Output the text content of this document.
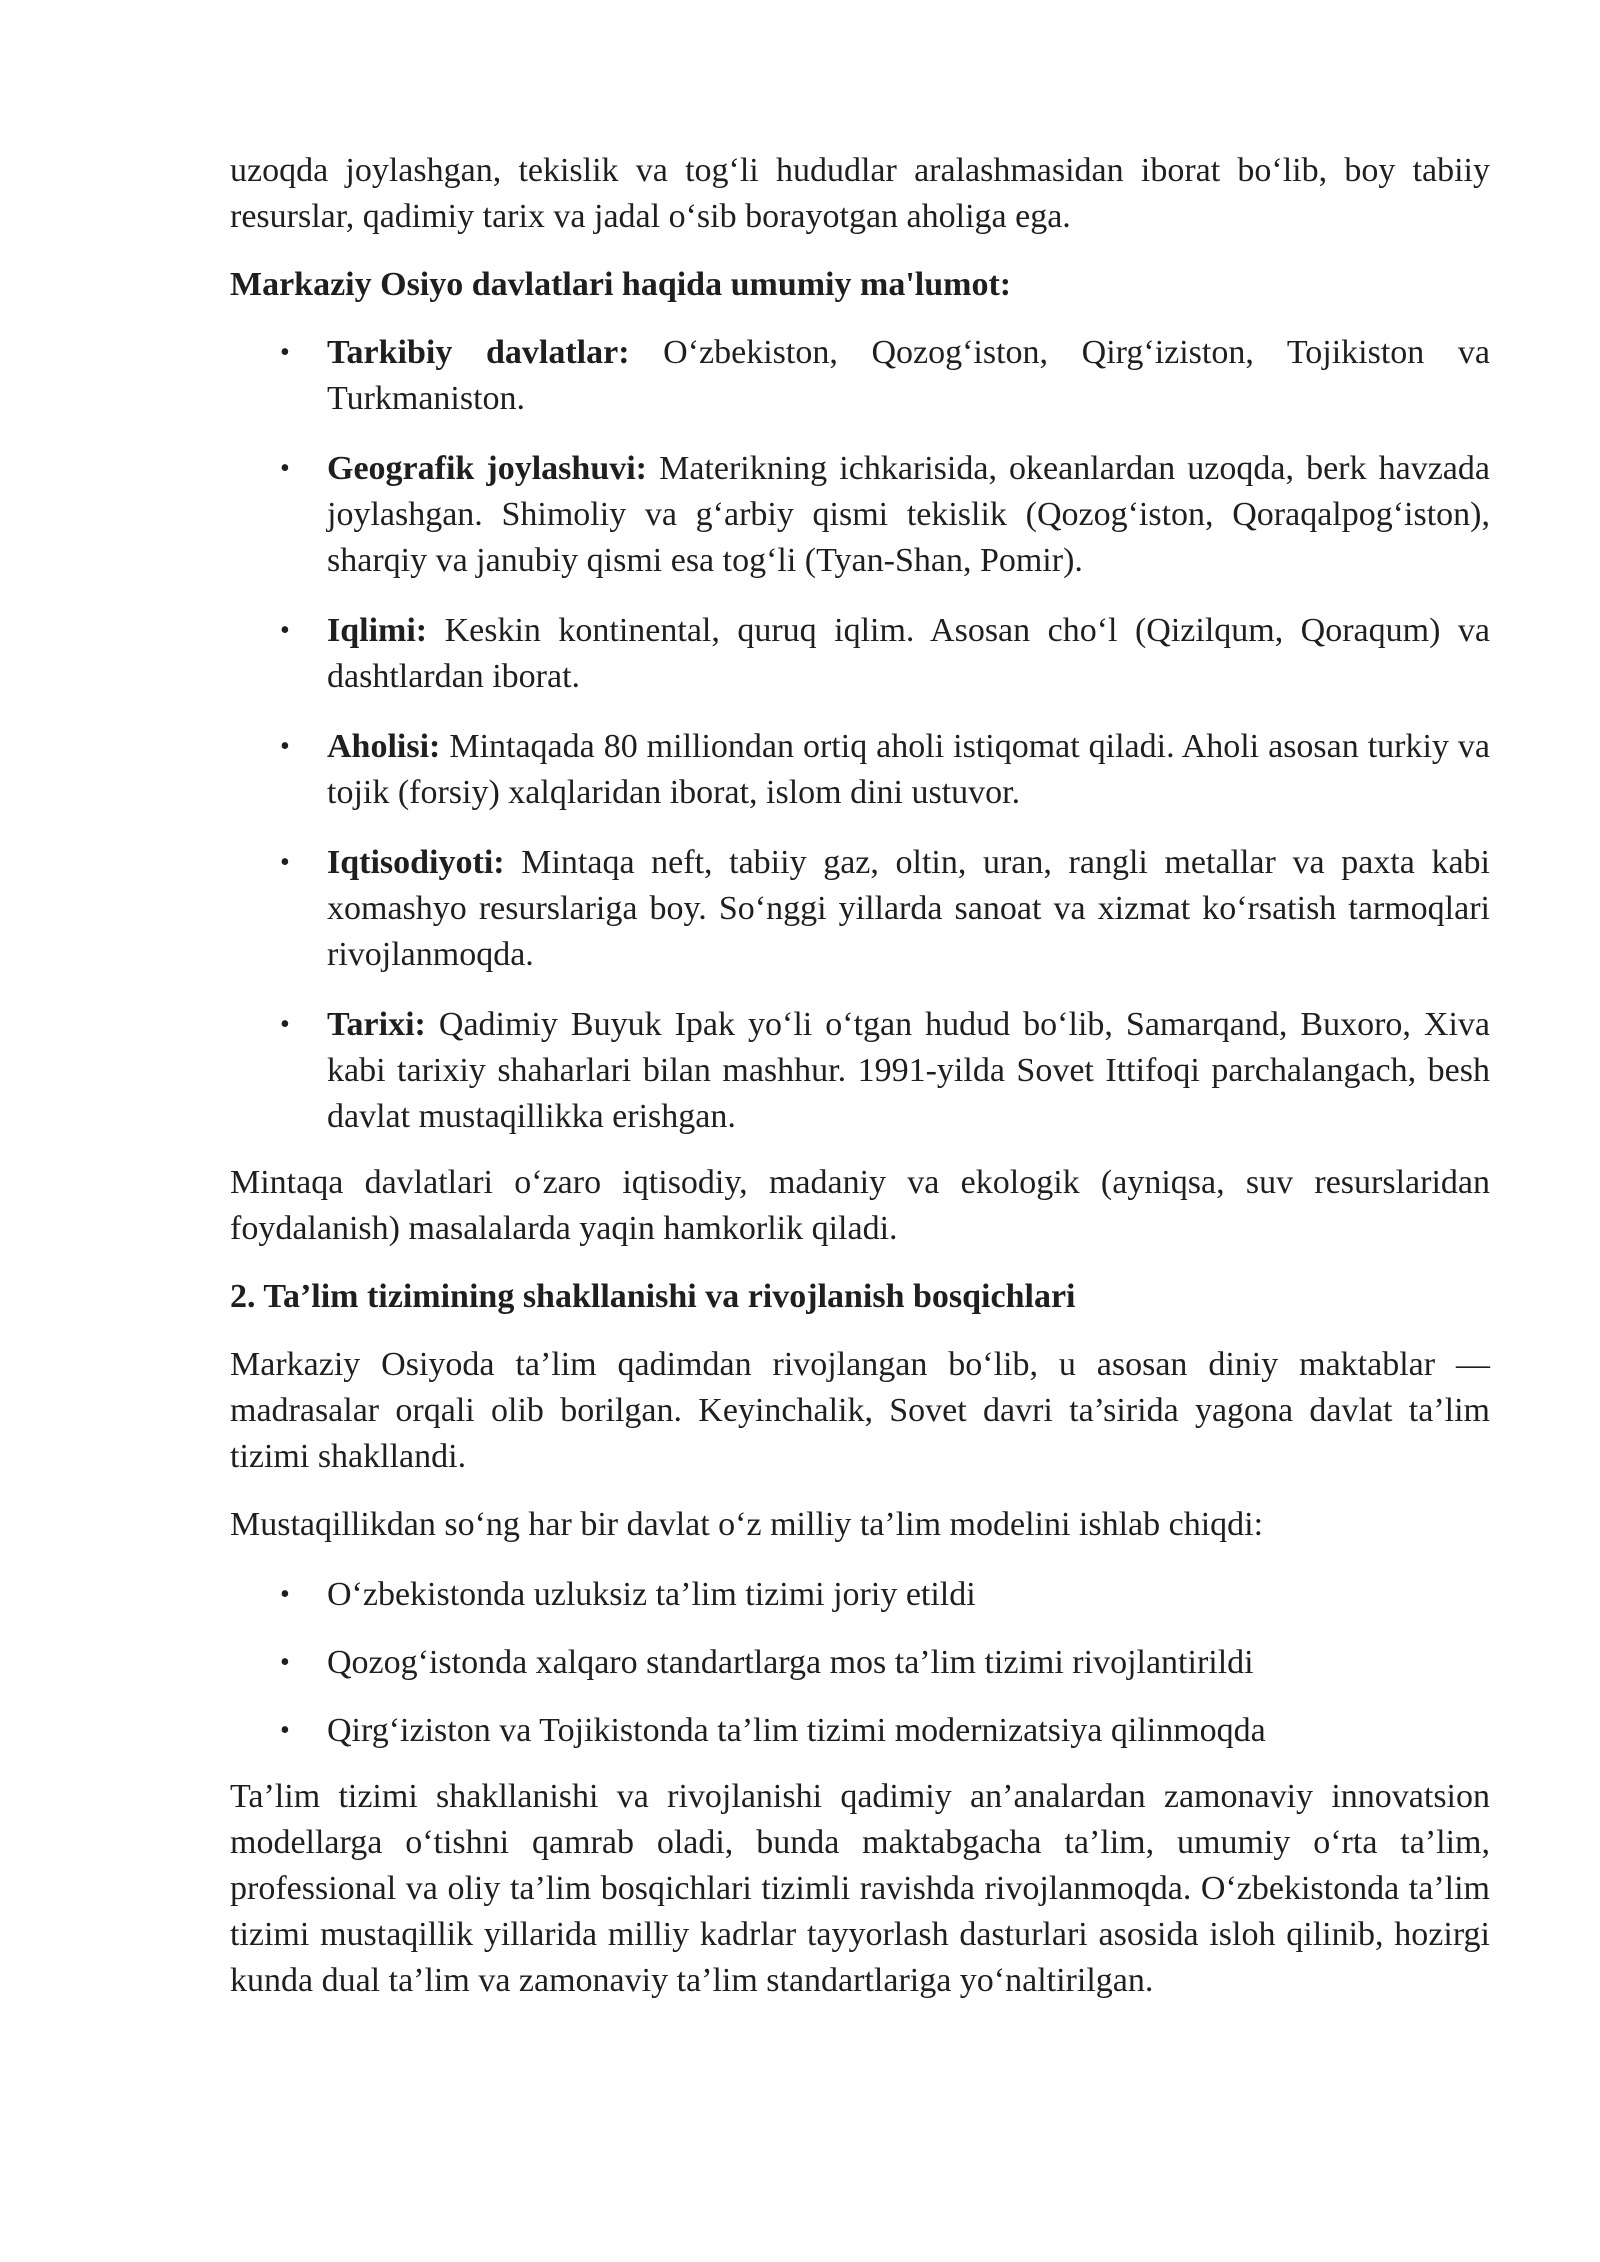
uzoqda joylashgan, tekislik va tog‘li hududlar aralashmasidan iborat bo‘lib, boy tabiiy resurslar, qadimiy tarix va jadal o‘sib borayotgan aholiga ega.

Markaziy Osiyo davlatlari haqida umumiy ma'lumot:

• Tarkibiy davlatlar: O‘zbekiston, Qozog‘iston, Qirg‘iziston, Tojikiston va Turkmaniston.
• Geografik joylashuvi: Materikning ichkarisida, okeanlardan uzoqda, berk havzada joylashgan. Shimoliy va g‘arbiy qismi tekislik (Qozog‘iston, Qoraqalpog‘iston), sharqiy va janubiy qismi esa tog‘li (Tyan-Shan, Pomir).
• Iqlimi: Keskin kontinental, quruq iqlim. Asosan cho‘l (Qizilqum, Qoraqum) va dashtlardan iborat.
• Aholisi: Mintaqada 80 milliondan ortiq aholi istiqomat qiladi. Aholi asosan turkiy va tojik (forsiy) xalqlaridan iborat, islom dini ustuvor.
• Iqtisodiyoti: Mintaqa neft, tabiiy gaz, oltin, uran, rangli metallar va paxta kabi xomashyo resurslariga boy. So‘nggi yillarda sanoat va xizmat ko‘rsatish tarmoqlari rivojlanmoqda.
• Tarixi: Qadimiy Buyuk Ipak yo‘li o‘tgan hudud bo‘lib, Samarqand, Buxoro, Xiva kabi tarixiy shaharlari bilan mashhur. 1991-yilda Sovet Ittifoqi parchalangach, besh davlat mustaqillikka erishgan.

Mintaqa davlatlari o‘zaro iqtisodiy, madaniy va ekologik (ayniqsa, suv resurslaridan foydalanish) masalalarda yaqin hamkorlik qiladi.

2. Ta’lim tizimining shakllanishi va rivojlanish bosqichlari

Markaziy Osiyoda ta’lim qadimdan rivojlangan bo‘lib, u asosan diniy maktablar — madrasalar orqali olib borilgan. Keyinchalik, Sovet davri ta’sirida yagona davlat ta’lim tizimi shakllandi.

Mustaqillikdan so‘ng har bir davlat o‘z milliy ta’lim modelini ishlab chiqdi:

• O‘zbekistonda uzluksiz ta’lim tizimi joriy etildi
• Qozog‘istonda xalqaro standartlarga mos ta’lim tizimi rivojlantirildi
• Qirg‘iziston va Tojikistonda ta’lim tizimi modernizatsiya qilinmoqda

Ta’lim tizimi shakllanishi va rivojlanishi qadimiy an’analardan zamonaviy innovatsion modellarga o‘tishni qamrab oladi, bunda maktabgacha ta’lim, umumiy o‘rta ta’lim, professional va oliy ta’lim bosqichlari tizimli ravishda rivojlanmoqda. O‘zbekistonda ta’lim tizimi mustaqillik yillarida milliy kadrlar tayyorlash dasturlari asosida isloh qilinib, hozirgi kunda dual ta’lim va zamonaviy ta’lim standartlariga yo‘naltirilgan.
